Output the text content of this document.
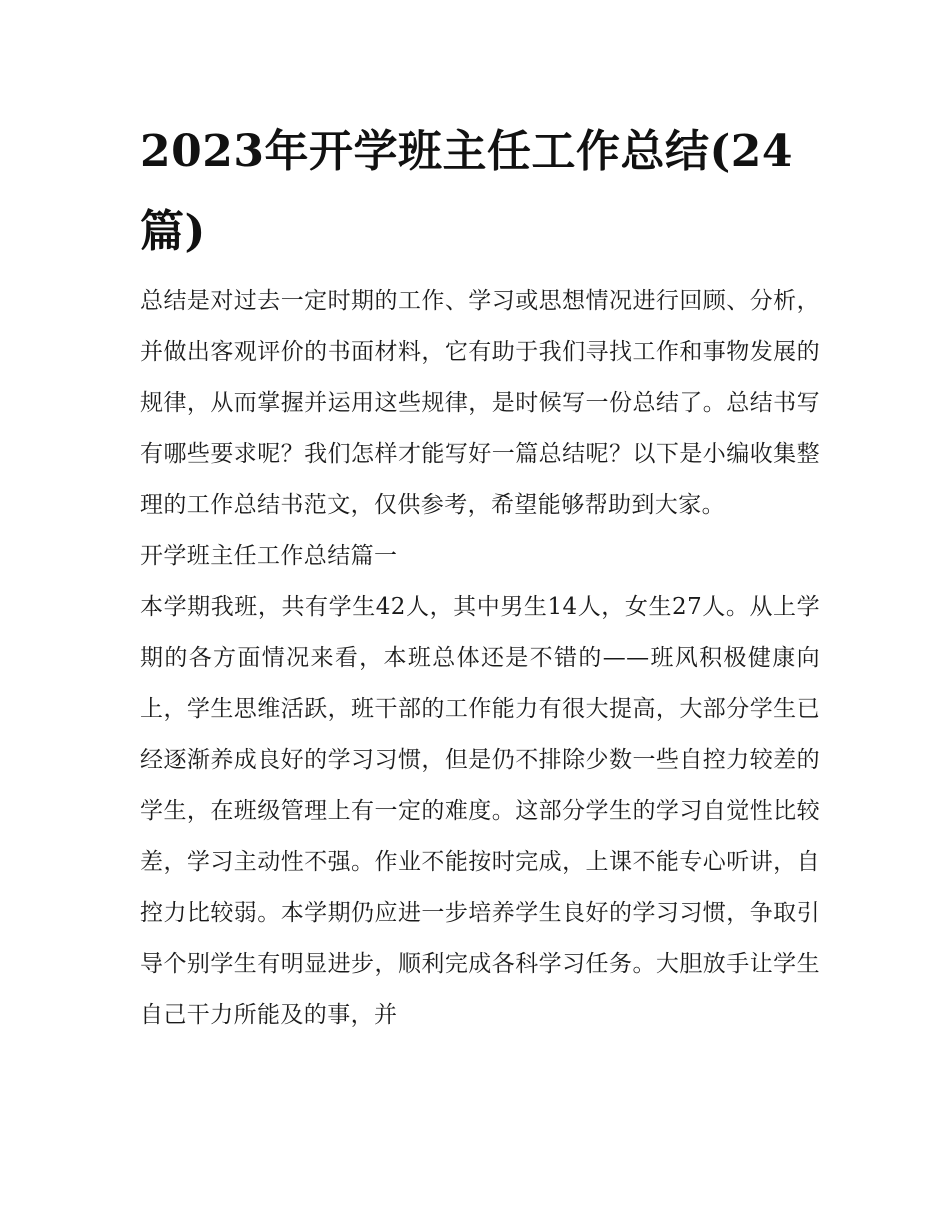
2023年开学班主任工作总结(24篇)

总结是对过去一定时期的工作、学习或思想情况进行回顾、分析，并做出客观评价的书面材料，它有助于我们寻找工作和事物发展的规律，从而掌握并运用这些规律，是时候写一份总结了。总结书写有哪些要求呢？我们怎样才能写好一篇总结呢？以下是小编收集整理的工作总结书范文，仅供参考，希望能够帮助到大家。

开学班主任工作总结篇一

本学期我班，共有学生42人，其中男生14人，女生27人。从上学期的各方面情况来看，本班总体还是不错的——班风积极健康向上，学生思维活跃，班干部的工作能力有很大提高，大部分学生已经逐渐养成良好的学习习惯，但是仍不排除少数一些自控力较差的学生，在班级管理上有一定的难度。这部分学生的学习自觉性比较差，学习主动性不强。作业不能按时完成，上课不能专心听讲，自控力比较弱。本学期仍应进一步培养学生良好的学习习惯，争取引导个别学生有明显进步，顺利完成各科学习任务。大胆放手让学生自己干力所能及的事，并
